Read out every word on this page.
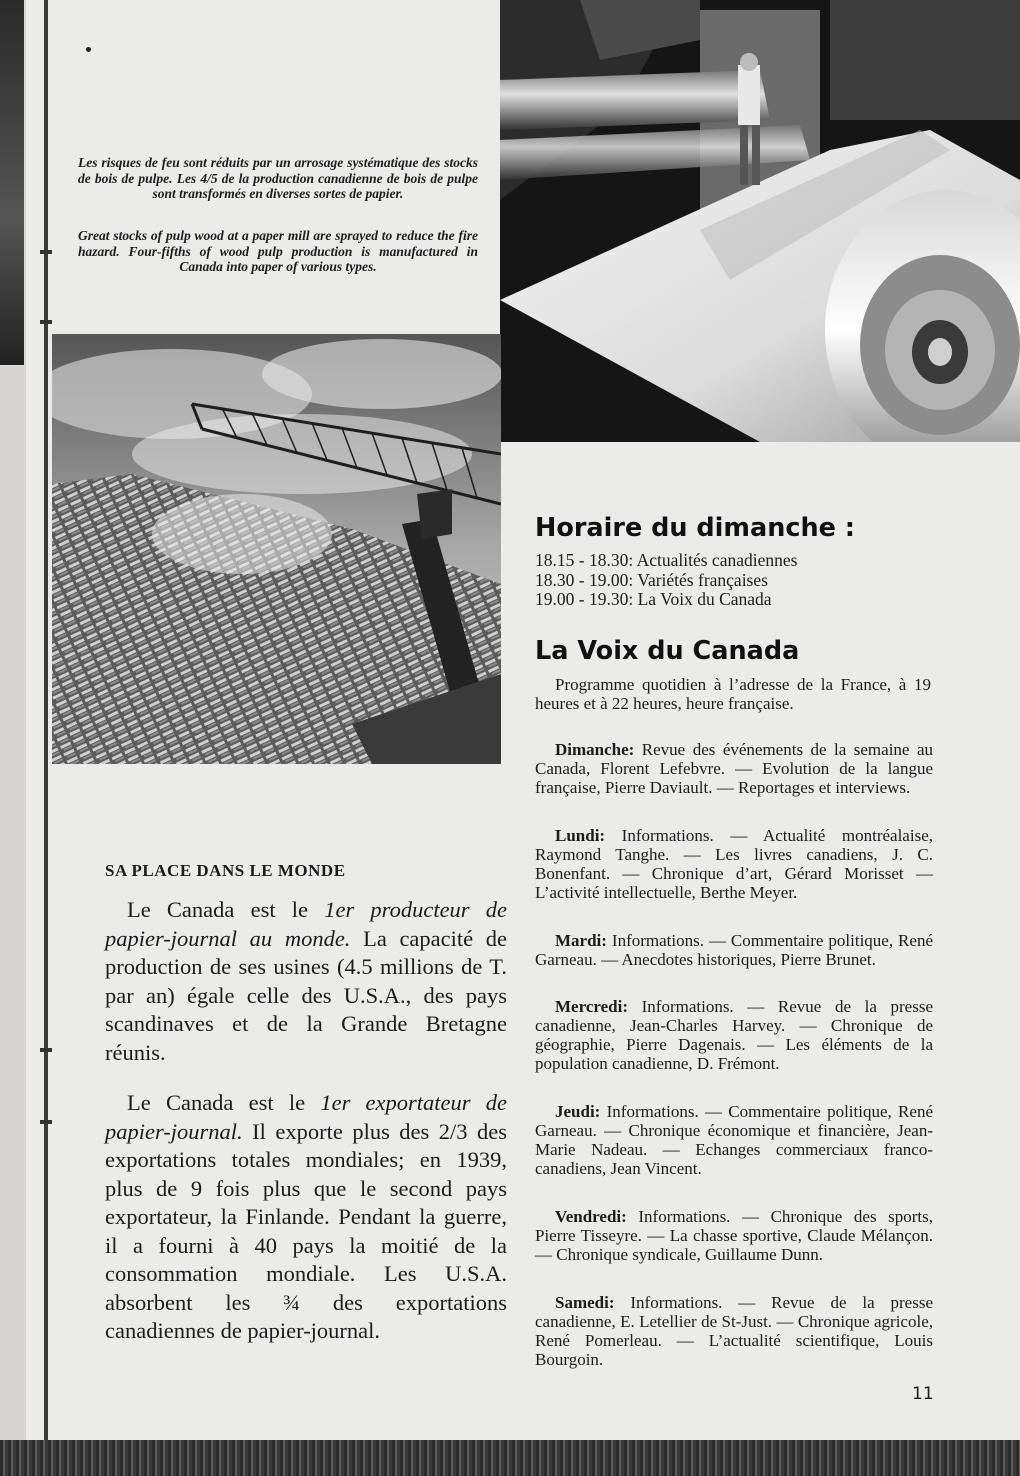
Les risques de feu sont réduits par un arrosage systématique des stocks de bois de pulpe. Les 4/5 de la production canadienne de bois de pulpe sont transformés en diverses sortes de papier.
Great stocks of pulp wood at a paper mill are sprayed to reduce the fire hazard. Four-fifths of wood pulp production is manufactured in Canada into paper of various types.
SA PLACE DANS LE MONDE
Le Canada est le 1er producteur de papier-journal au monde. La capacité de production de ses usines (4.5 millions de T. par an) égale celle des U.S.A., des pays scandinaves et de la Grande Bretagne réunis.
Le Canada est le 1er exportateur de papier-journal. Il exporte plus des 2/3 des exportations totales mondiales; en 1939, plus de 9 fois plus que le second pays exportateur, la Finlande. Pendant la guerre, il a fourni à 40 pays la moitié de la consommation mondiale. Les U.S.A. absorbent les ¾ des exportations canadiennes de papier-journal.
Horaire du dimanche :
18.15 - 18.30: Actualités canadiennes
18.30 - 19.00: Variétés françaises
19.00 - 19.30: La Voix du Canada
La Voix du Canada
Programme quotidien à l’adresse de la France, à 19 heures et à 22 heures, heure française.
Dimanche: Revue des événements de la semaine au Canada, Florent Lefebvre. — Evolution de la langue française, Pierre Daviault. — Reportages et interviews.
Lundi: Informations. — Actualité montréalaise, Raymond Tanghe. — Les livres canadiens, J. C. Bonenfant. — Chronique d’art, Gérard Morisset — L’activité intellectuelle, Berthe Meyer.
Mardi: Informations. — Commentaire politique, René Garneau. — Anecdotes historiques, Pierre Brunet.
Mercredi: Informations. — Revue de la presse canadienne, Jean-Charles Harvey. — Chronique de géographie, Pierre Dagenais. — Les éléments de la population canadienne, D. Frémont.
Jeudi: Informations. — Commentaire politique, René Garneau. — Chronique économique et financière, Jean-Marie Nadeau. — Echanges commerciaux franco-canadiens, Jean Vincent.
Vendredi: Informations. — Chronique des sports, Pierre Tisseyre. — La chasse sportive, Claude Mélançon. — Chronique syndicale, Guillaume Dunn.
Samedi: Informations. — Revue de la presse canadienne, E. Letellier de St-Just. — Chronique agricole, René Pomerleau. — L’actualité scientifique, Louis Bourgoin.
11
